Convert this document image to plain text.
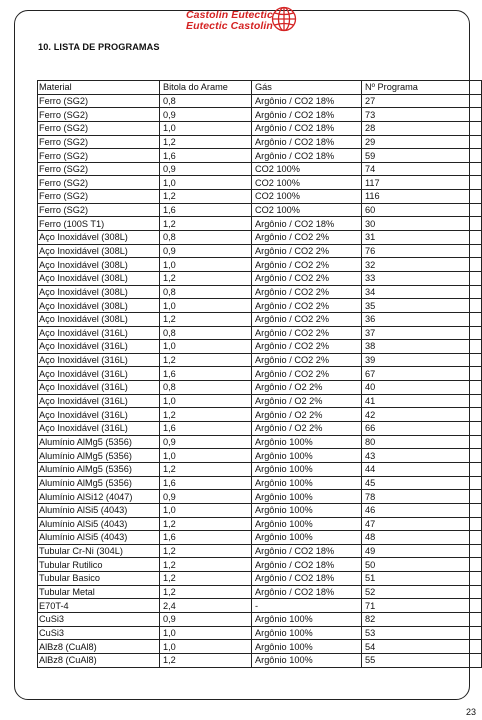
Castolin Eutectic
Eutectic Castolin
10. LISTA DE PROGRAMAS
Material	Bitola do Arame	Gás	Nº Programa
Ferro (SG2)	0,8	Argônio / CO2 18%	27
Ferro (SG2)	0,9	Argônio / CO2 18%	73
Ferro (SG2)	1,0	Argônio / CO2 18%	28
Ferro (SG2)	1,2	Argônio / CO2 18%	29
Ferro (SG2)	1,6	Argônio / CO2 18%	59
Ferro (SG2)	0,9	CO2 100%	74
Ferro (SG2)	1,0	CO2 100%	117
Ferro (SG2)	1,2	CO2 100%	116
Ferro (SG2)	1,6	CO2 100%	60
Ferro (100S T1)	1,2	Argônio / CO2 18%	30
Aço Inoxidável (308L)	0,8	Argônio / CO2 2%	31
Aço Inoxidável (308L)	0,9	Argônio / CO2 2%	76
Aço Inoxidável (308L)	1,0	Argônio / CO2 2%	32
Aço Inoxidável (308L)	1,2	Argônio / CO2 2%	33
Aço Inoxidável (308L)	0,8	Argônio / CO2 2%	34
Aço Inoxidável (308L)	1,0	Argônio / CO2 2%	35
Aço Inoxidável (308L)	1,2	Argônio / CO2 2%	36
Aço Inoxidável (316L)	0,8	Argônio / CO2 2%	37
Aço Inoxidável (316L)	1,0	Argônio / CO2 2%	38
Aço Inoxidável (316L)	1,2	Argônio / CO2 2%	39
Aço Inoxidável (316L)	1,6	Argônio / CO2 2%	67
Aço Inoxidável (316L)	0,8	Argônio / O2 2%	40
Aço Inoxidável (316L)	1,0	Argônio / O2 2%	41
Aço Inoxidável (316L)	1,2	Argônio / O2 2%	42
Aço Inoxidável (316L)	1,6	Argônio / O2 2%	66
Alumínio AlMg5 (5356)	0,9	Argônio 100%	80
Alumínio AlMg5 (5356)	1,0	Argônio 100%	43
Alumínio AlMg5 (5356)	1,2	Argônio 100%	44
Alumínio AlMg5 (5356)	1,6	Argônio 100%	45
Alumínio AlSi12 (4047)	0,9	Argônio 100%	78
Alumínio AlSi5 (4043)	1,0	Argônio 100%	46
Alumínio AlSi5 (4043)	1,2	Argônio 100%	47
Alumínio AlSi5 (4043)	1,6	Argônio 100%	48
Tubular Cr-Ni (304L)	1,2	Argônio / CO2 18%	49
Tubular Rutilico	1,2	Argônio / CO2 18%	50
Tubular Basico	1,2	Argônio / CO2 18%	51
Tubular Metal	1,2	Argônio / CO2 18%	52
E70T-4	2,4	-	71
CuSi3	0,9	Argônio 100%	82
CuSi3	1,0	Argônio 100%	53
AlBz8 (CuAl8)	1,0	Argônio 100%	54
AlBz8 (CuAl8)	1,2	Argônio 100%	55
23
